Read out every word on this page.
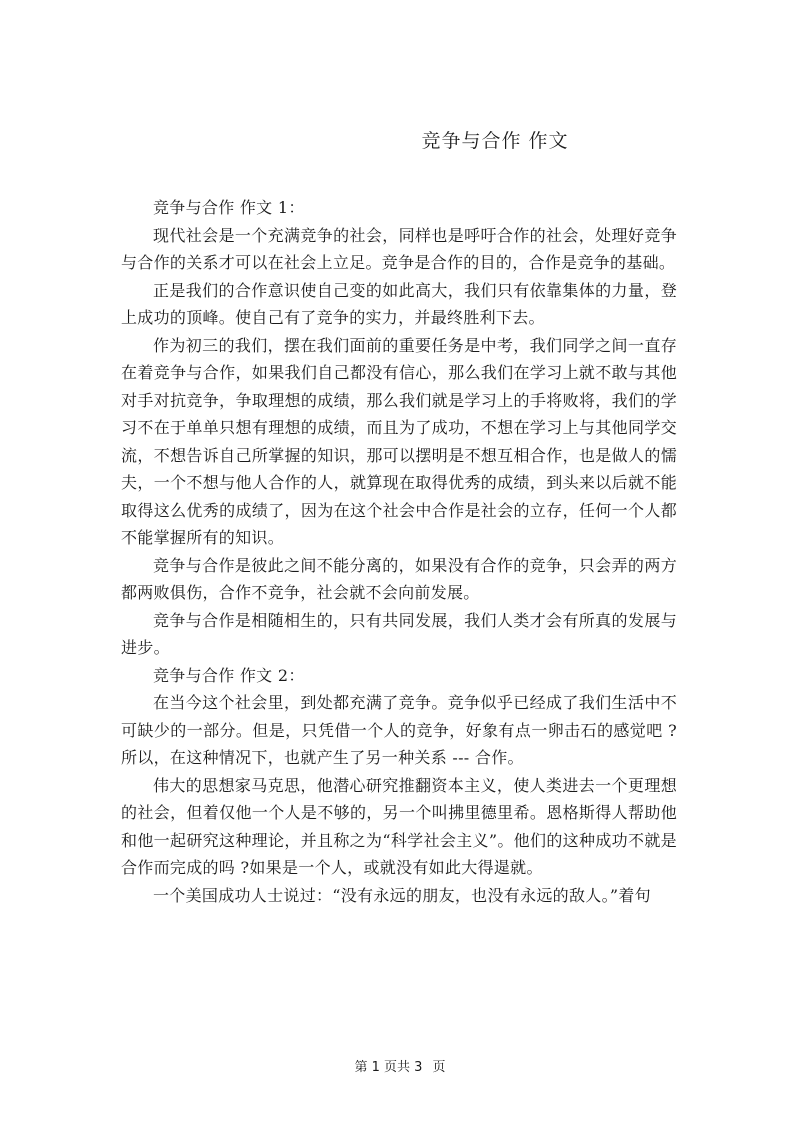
竞争与合作 作文

竞争与合作 作文 1：

现代社会是一个充满竞争的社会，同样也是呼吁合作的社会，处理好竞争与合作的关系才可以在社会上立足。竞争是合作的目的，合作是竞争的基础。

正是我们的合作意识使自己变的如此高大，我们只有依靠集体的力量，登上成功的顶峰。使自己有了竞争的实力，并最终胜利下去。

作为初三的我们，摆在我们面前的重要任务是中考，我们同学之间一直存在着竞争与合作，如果我们自己都没有信心，那么我们在学习上就不敢与其他对手对抗竞争，争取理想的成绩，那么我们就是学习上的手将败将，我们的学习不在于单单只想有理想的成绩，而且为了成功，不想在学习上与其他同学交流，不想告诉自己所掌握的知识，那可以摆明是不想互相合作，也是做人的懦夫，一个不想与他人合作的人，就算现在取得优秀的成绩，到头来以后就不能取得这么优秀的成绩了，因为在这个社会中合作是社会的立存，任何一个人都不能掌握所有的知识。

竞争与合作是彼此之间不能分离的，如果没有合作的竞争，只会弄的两方都两败俱伤，合作不竞争，社会就不会向前发展。

竞争与合作是相随相生的，只有共同发展，我们人类才会有所真的发展与进步。

竞争与合作 作文 2：

在当今这个社会里，到处都充满了竞争。竞争似乎已经成了我们生活中不可缺少的一部分。但是，只凭借一个人的竞争，好象有点一卵击石的感觉吧 ?所以，在这种情况下，也就产生了另一种关系 --- 合作。

伟大的思想家马克思，他潜心研究推翻资本主义，使人类进去一个更理想的社会，但着仅他一个人是不够的，另一个叫拂里德里希。恩格斯得人帮助他和他一起研究这种理论，并且称之为“科学社会主义”。他们的这种成功不就是合作而完成的吗 ?如果是一个人，或就没有如此大得遈就。

一个美国成功人士说过：“没有永远的朋友，也没有永远的敌人。”着句

第 1 页共 3 页
